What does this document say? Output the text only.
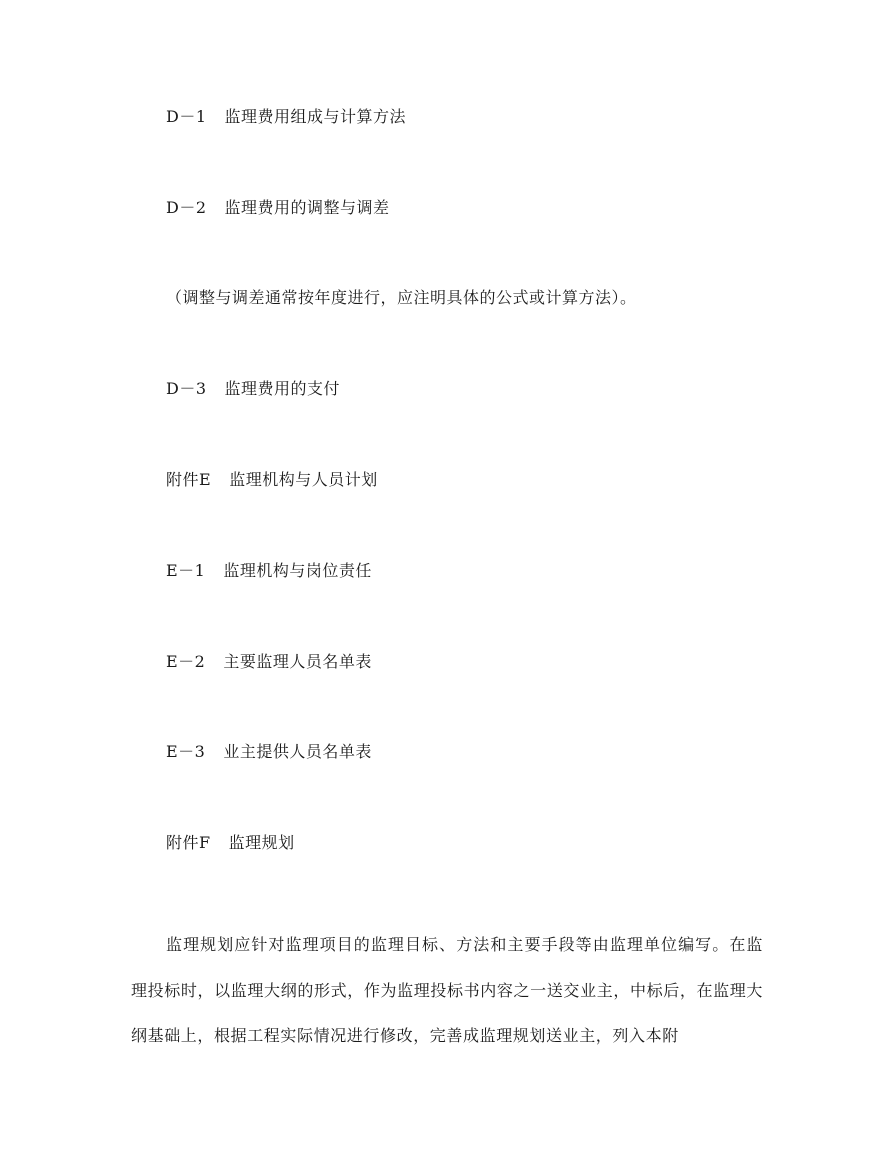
D－1 监理费用组成与计算方法
D－2 监理费用的调整与调差
（调整与调差通常按年度进行，应注明具体的公式或计算方法）。
D－3 监理费用的支付
附件E 监理机构与人员计划
E－1 监理机构与岗位责任
E－2 主要监理人员名单表
E－3 业主提供人员名单表
附件F 监理规划
监理规划应针对监理项目的监理目标、方法和主要手段等由监理单位编写。在监理投标时，以监理大纲的形式，作为监理投标书内容之一送交业主，中标后，在监理大纲基础上，根据工程实际情况进行修改，完善成监理规划送业主，列入本附
